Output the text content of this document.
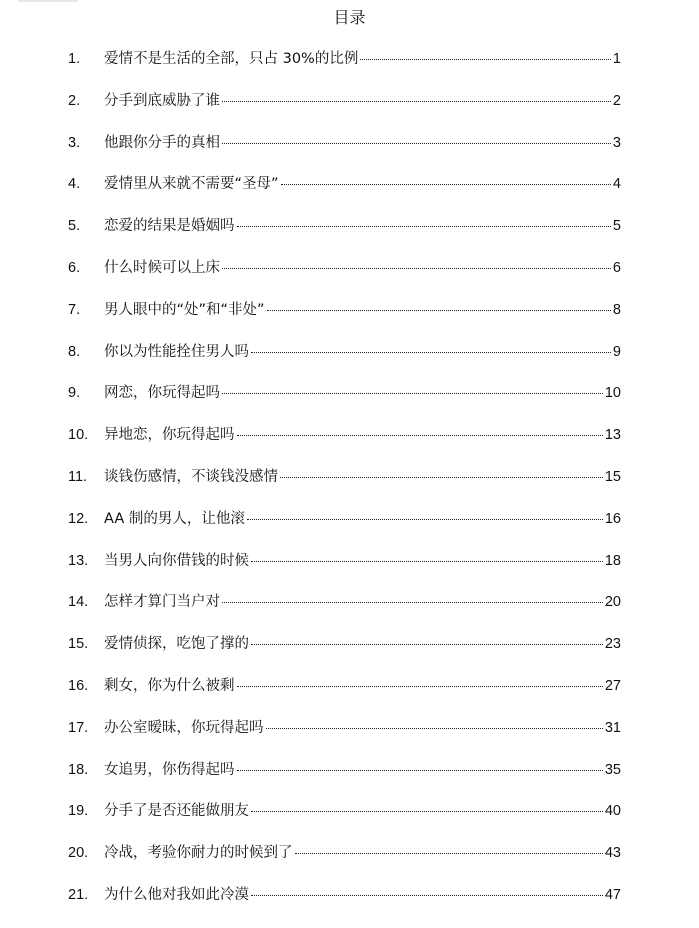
目录
1.	爱情不是生活的全部，只占 30%的比例	1
2.	分手到底威胁了谁	2
3.	他跟你分手的真相	3
4.	爱情里从来就不需要“圣母”	4
5.	恋爱的结果是婚姻吗	5
6.	什么时候可以上床	6
7.	男人眼中的“处”和“非处”	8
8.	你以为性能拴住男人吗	9
9.	网恋，你玩得起吗	10
10.	异地恋，你玩得起吗	13
11.	谈钱伤感情，不谈钱没感情	15
12.	AA 制的男人，让他滚	16
13.	当男人向你借钱的时候	18
14.	怎样才算门当户对	20
15.	爱情侦探，吃饱了撑的	23
16.	剩女，你为什么被剩	27
17.	办公室暧昧，你玩得起吗	31
18.	女追男，你伤得起吗	35
19.	分手了是否还能做朋友	40
20.	冷战，考验你耐力的时候到了	43
21.	为什么他对我如此冷漠	47
